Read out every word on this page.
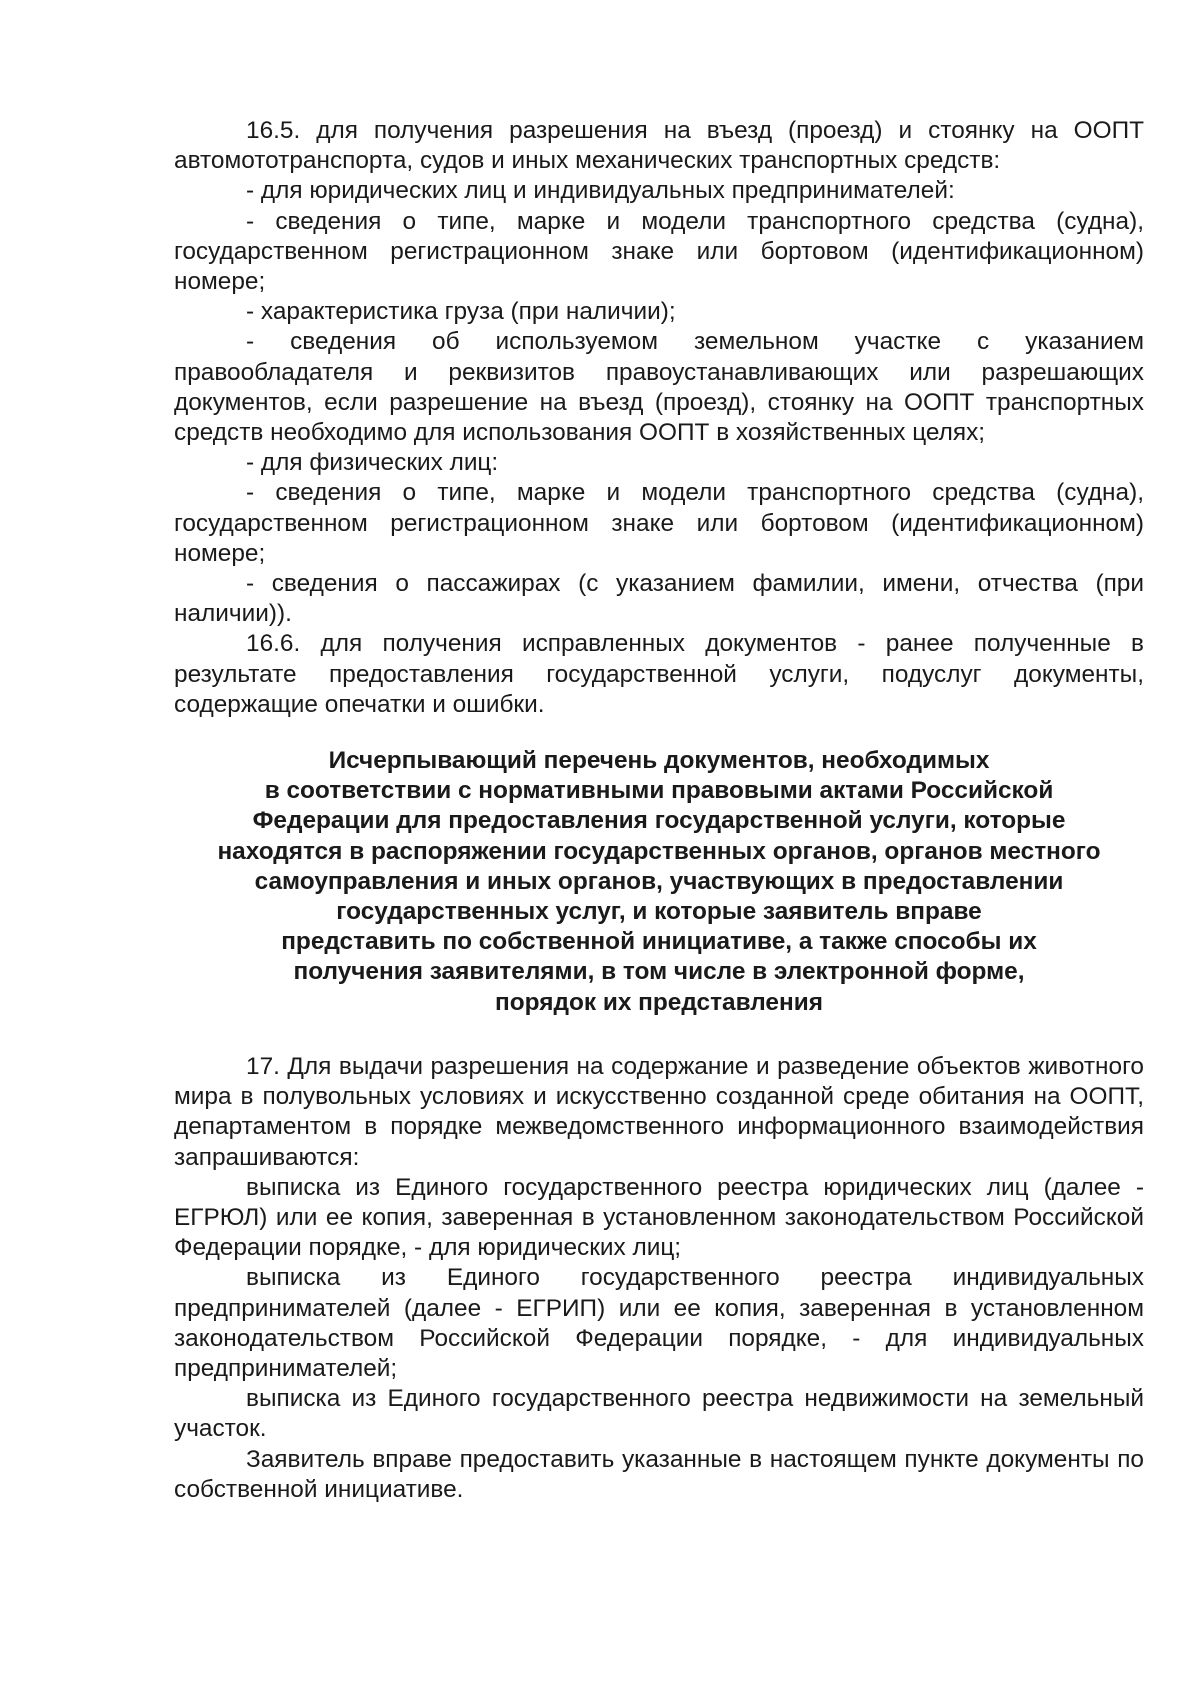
16.5. для получения разрешения на въезд (проезд) и стоянку на ООПТ автомототранспорта, судов и иных механических транспортных средств:

- для юридических лиц и индивидуальных предпринимателей:

- сведения о типе, марке и модели транспортного средства (судна), государственном регистрационном знаке или бортовом (идентификационном) номере;

- характеристика груза (при наличии);

- сведения об используемом земельном участке с указанием правообладателя и реквизитов правоустанавливающих или разрешающих документов, если разрешение на въезд (проезд), стоянку на ООПТ транспортных средств необходимо для использования ООПТ в хозяйственных целях;

- для физических лиц:

- сведения о типе, марке и модели транспортного средства (судна), государственном регистрационном знаке или бортовом (идентификационном) номере;

- сведения о пассажирах (с указанием фамилии, имени, отчества (при наличии)).

16.6. для получения исправленных документов - ранее полученные в результате предоставления государственной услуги, подуслуг документы, содержащие опечатки и ошибки.

Исчерпывающий перечень документов, необходимых
в соответствии с нормативными правовыми актами Российской
Федерации для предоставления государственной услуги, которые
находятся в распоряжении государственных органов, органов местного
самоуправления и иных органов, участвующих в предоставлении
государственных услуг, и которые заявитель вправе
представить по собственной инициативе, а также способы их
получения заявителями, в том числе в электронной форме,
порядок их представления

17. Для выдачи разрешения на содержание и разведение объектов животного мира в полувольных условиях и искусственно созданной среде обитания на ООПТ, департаментом в порядке межведомственного информационного взаимодействия запрашиваются:

выписка из Единого государственного реестра юридических лиц (далее - ЕГРЮЛ) или ее копия, заверенная в установленном законодательством Российской Федерации порядке, - для юридических лиц;

выписка из Единого государственного реестра индивидуальных предпринимателей (далее - ЕГРИП) или ее копия, заверенная в установленном законодательством Российской Федерации порядке, - для индивидуальных предпринимателей;

выписка из Единого государственного реестра недвижимости на земельный участок.

Заявитель вправе предоставить указанные в настоящем пункте документы по собственной инициативе.
